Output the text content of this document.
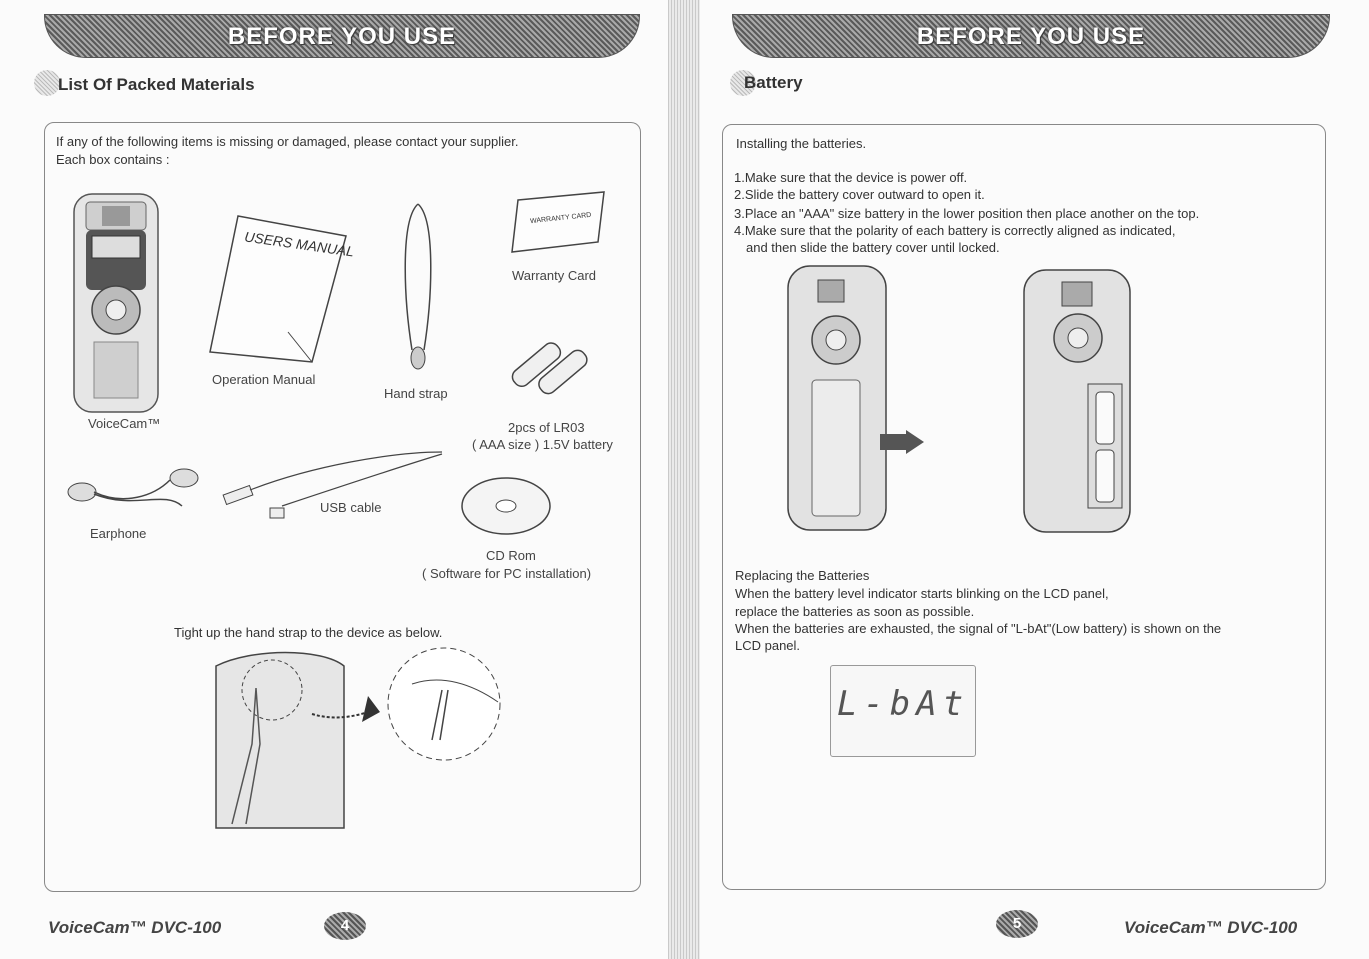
BEFORE YOU USE
List Of Packed Materials
If any of the following items is missing or damaged, please contact your supplier.
Each box contains :
VoiceCam™
USERS MANUAL
Operation Manual
Hand strap
WARRANTY CARD
Warranty Card
2pcs of LR03
( AAA size ) 1.5V battery
Earphone
USB cable
CD Rom
( Software for PC installation)
Tight up the hand strap to the device as below.
VoiceCam™ DVC-100	4
BEFORE YOU USE
Battery
Installing the batteries.
1.Make sure that the device is power off.
2.Slide the battery cover outward to open it.
3.Place an "AAA" size battery in the lower position then place another on the top.
4.Make sure that the polarity of each battery is correctly aligned as indicated,
and then slide the battery cover until locked.
Replacing the Batteries
When the battery level indicator starts blinking on the LCD panel,
replace the batteries as soon as possible.
When the batteries are exhausted, the signal of "L-bAt"(Low battery) is shown on the
LCD panel.
L-bAt
5	VoiceCam™ DVC-100
